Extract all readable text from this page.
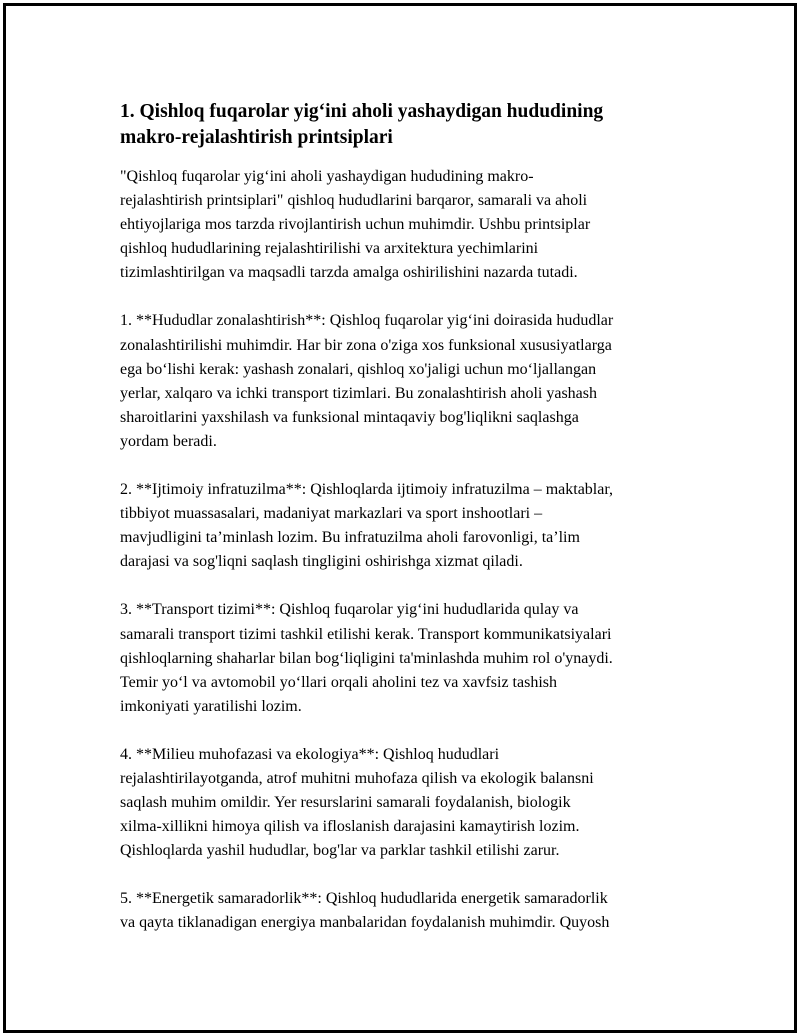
1. Qishloq fuqarolar yig‘ini aholi yashaydigan hududining
makro-rejalashtirish printsiplari

"Qishloq fuqarolar yig‘ini aholi yashaydigan hududining makro-
rejalashtirish printsiplari" qishloq hududlarini barqaror, samarali va aholi
ehtiyojlariga mos tarzda rivojlantirish uchun muhimdir. Ushbu printsiplar
qishloq hududlarining rejalashtirilishi va arxitektura yechimlarini
tizimlashtirilgan va maqsadli tarzda amalga oshirilishini nazarda tutadi.

1. **Hududlar zonalashtirish**: Qishloq fuqarolar yig‘ini doirasida hududlar
zonalashtirilishi muhimdir. Har bir zona o'ziga xos funksional xususiyatlarga
ega bo‘lishi kerak: yashash zonalari, qishloq xo'jaligi uchun mo‘ljallangan
yerlar, xalqaro va ichki transport tizimlari. Bu zonalashtirish aholi yashash
sharoitlarini yaxshilash va funksional mintaqaviy bog'liqlikni saqlashga
yordam beradi.

2. **Ijtimoiy infratuzilma**: Qishloqlarda ijtimoiy infratuzilma – maktablar,
tibbiyot muassasalari, madaniyat markazlari va sport inshootlari –
mavjudligini ta’minlash lozim. Bu infratuzilma aholi farovonligi, ta’lim
darajasi va sog'liqni saqlash tingligini oshirishga xizmat qiladi.

3. **Transport tizimi**: Qishloq fuqarolar yig‘ini hududlarida qulay va
samarali transport tizimi tashkil etilishi kerak. Transport kommunikatsiyalari
qishloqlarning shaharlar bilan bog‘liqligini ta'minlashda muhim rol o'ynaydi.
Temir yo‘l va avtomobil yo‘llari orqali aholini tez va xavfsiz tashish
imkoniyati yaratilishi lozim.

4. **Milieu muhofazasi va ekologiya**: Qishloq hududlari
rejalashtirilayotganda, atrof muhitni muhofaza qilish va ekologik balansni
saqlash muhim omildir. Yer resurslarini samarali foydalanish, biologik
xilma-xillikni himoya qilish va ifloslanish darajasini kamaytirish lozim.
Qishloqlarda yashil hududlar, bog'lar va parklar tashkil etilishi zarur.

5. **Energetik samaradorlik**: Qishloq hududlarida energetik samaradorlik
va qayta tiklanadigan energiya manbalaridan foydalanish muhimdir. Quyosh
